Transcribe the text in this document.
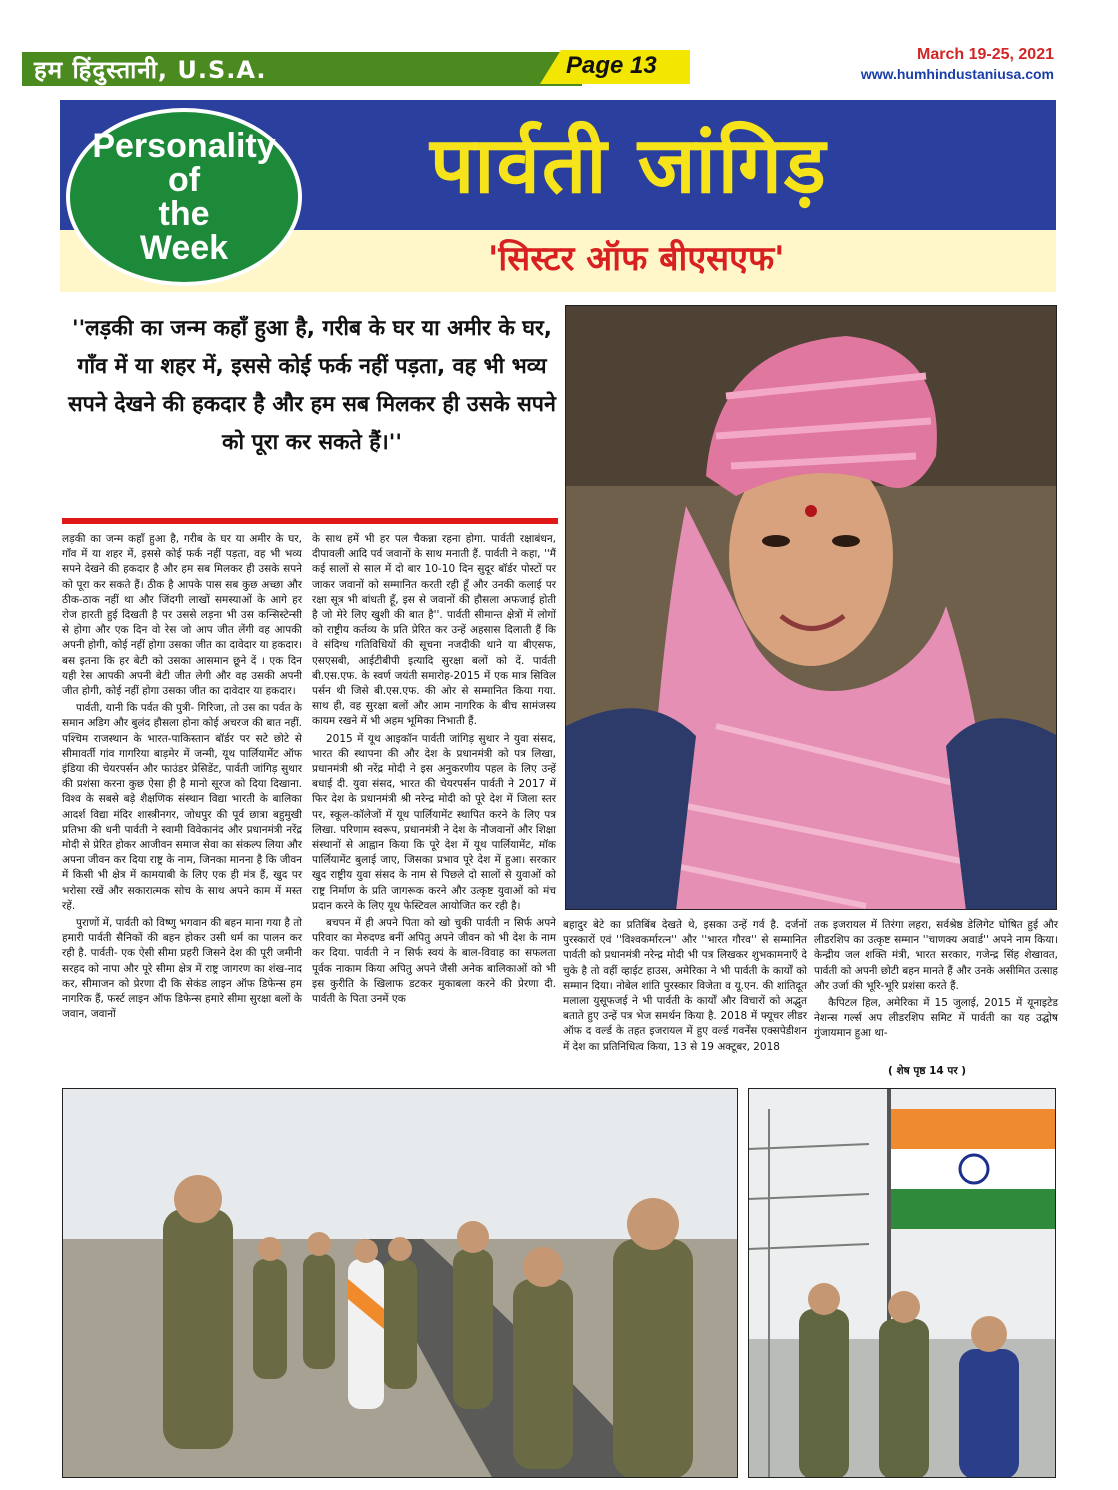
हम हिंदुस्तानी, U.S.A.	Page 13	March 19-25, 2021
www.humhindustaniusa.com
Personality
of
the
Week
पार्वती जांगिड़
'सिस्टर ऑफ बीएसएफ'
''लड़की का जन्म कहाँ हुआ है, गरीब के घर या अमीर के घर, गाँव में या शहर में, इससे कोई फर्क नहीं पड़ता, वह भी भव्य सपने देखने की हकदार है और हम सब मिलकर ही उसके सपने को पूरा कर सकते हैं।''

लड़की का जन्म कहाँ हुआ है, गरीब के घर या अमीर के घर, गाँव में या शहर में, इससे कोई फर्क नहीं पड़ता, वह भी भव्य सपने देखने की हकदार है और हम सब मिलकर ही उसके सपने को पूरा कर सकते हैं। ठीक है आपके पास सब कुछ अच्छा और ठीक-ठाक नहीं था और जिंदगी लाखों समस्याओं के आगे हर रोज हारती हुई दिखती है पर उससे लड़ना भी उस कन्सिस्टेन्सी से होगा और एक दिन वो रेस जो आप जीत लेंगी वह आपकी अपनी होगी, कोई नहीं होगा उसका जीत का दावेदार या हकदार। बस इतना कि हर बेटी को उसका आसमान छूने दें । एक दिन यही रेस आपकी अपनी बेटी जीत लेगी और वह उसकी अपनी जीत होगी, कोई नहीं होगा उसका जीत का दावेदार या हकदार।

पार्वती, यानी कि पर्वत की पुत्री- गिरिजा, तो उस का पर्वत के समान अडिग और बुलंद हौसला होना कोई अचरज की बात नहीं. पश्चिम राजस्थान के भारत-पाकिस्तान बॉर्डर पर सटे छोटे से सीमावर्ती गांव गागरिया बाड़मेर में जन्मी, यूथ पार्लियामेंट ऑफ इंडिया की चेयरपर्सन और फाउंडर प्रेसिडेंट, पार्वती जांगिड़ सुथार की प्रशंसा करना कुछ ऐसा ही है मानो सूरज को दिया दिखाना. विश्व के सबसे बड़े शैक्षणिक संस्थान विद्या भारती के बालिका आदर्श विद्या मंदिर शास्त्रीनगर, जोधपुर की पूर्व छात्रा बहुमुखी प्रतिभा की धनी पार्वती ने स्वामी विवेकानंद और प्रधानमंत्री नरेंद्र मोदी से प्रेरित होकर आजीवन समाज सेवा का संकल्प लिया और अपना जीवन कर दिया राष्ट्र के नाम, जिनका मानना है कि जीवन में किसी भी क्षेत्र में कामयाबी के लिए एक ही मंत्र हैं, खुद पर भरोसा रखें और सकारात्मक सोच के साथ अपने काम में मस्त रहें.

पुराणों में, पार्वती को विष्णु भगवान की बहन माना गया है तो हमारी पार्वती सैनिकों की बहन होकर उसी धर्म का पालन कर रही है. पार्वती- एक ऐसी सीमा प्रहरी जिसने देश की पूरी जमीनी सरहद को नापा और पूरे सीमा क्षेत्र में राष्ट्र जागरण का शंख-नाद कर, सीमाजन को प्रेरणा दी कि सेकंड लाइन ऑफ डिफेन्स हम नागरिक हैं, फर्स्ट लाइन ऑफ डिफेन्स हमारे सीमा सुरक्षा बलों के जवान, जवानों

के साथ हमें भी हर पल चैकन्ना रहना होगा. पार्वती रक्षाबंधन, दीपावली आदि पर्व जवानों के साथ मनाती हैं. पार्वती ने कहा, ''मैं कई सालों से साल में दो बार 10-10 दिन सुदूर बॉर्डर पोस्टों पर जाकर जवानों को सम्मानित करती रही हूँ और उनकी कलाई पर रक्षा सूत्र भी बांधती हूँ, इस से जवानों की हौसला अफजाई होती है जो मेरे लिए खुशी की बात है''. पार्वती सीमान्त क्षेत्रों में लोगों को राष्ट्रीय कर्तव्य के प्रति प्रेरित कर उन्हें अहसास दिलाती हैं कि वे संदिग्ध गतिविधियों की सूचना नजदीकी थाने या बीएसफ, एसएसबी, आईटीबीपी इत्यादि सुरक्षा बलों को दें. पार्वती बी.एस.एफ. के स्वर्ण जयंती समारोह-2015 में एक मात्र सिविल पर्सन थी जिसे बी.एस.एफ. की ओर से सम्मानित किया गया. साथ ही, वह सुरक्षा बलों और आम नागरिक के बीच सामंजस्य कायम रखने में भी अहम भूमिका निभाती हैं.

2015 में यूथ आइकॉन पार्वती जांगिड़ सुथार ने युवा संसद, भारत की स्थापना की और देश के प्रधानमंत्री को पत्र लिखा, प्रधानमंत्री श्री नरेंद्र मोदी ने इस अनुकरणीय पहल के लिए उन्हें बधाई दी. युवा संसद, भारत की चेयरपर्सन पार्वती ने 2017 में फिर देश के प्रधानमंत्री श्री नरेन्द्र मोदी को पूरे देश में जिला स्तर पर, स्कूल-कॉलेजों में यूथ पार्लियामेंट स्थापित करने के लिए पत्र लिखा. परिणाम स्वरूप, प्रधानमंत्री ने देश के नौजवानों और शिक्षा संस्थानों से आह्वान किया कि पूरे देश में यूथ पार्लियामेंट, मॉक पार्लियामेंट बुलाई जाए, जिसका प्रभाव पूरे देश में हुआ। सरकार खुद राष्ट्रीय युवा संसद के नाम से पिछले दो सालों से युवाओं को राष्ट्र निर्माण के प्रति जागरूक करने और उत्कृष्ट युवाओं को मंच प्रदान करने के लिए यूथ फेस्टिवल आयोजित कर रही है।

बचपन में ही अपने पिता को खो चुकी पार्वती न सिर्फ अपने परिवार का मेरुदण्ड बनीं अपितु अपने जीवन को भी देश के नाम कर दिया. पार्वती ने न सिर्फ स्वयं के बाल-विवाह का सफलता पूर्वक नाकाम किया अपितु अपने जैसी अनेक बालिकाओं को भी इस कुरीति के खिलाफ डटकर मुकाबला करने की प्रेरणा दी. पार्वती के पिता उनमें एक

बहादुर बेटे का प्रतिबिंब देखते थे, इसका उन्हें गर्व है. दर्जनों पुरस्कारों एवं ''विश्वकर्मारत्न'' और ''भारत गौरव'' से सम्मानित पार्वती को प्रधानमंत्री नरेन्द्र मोदी भी पत्र लिखकर शुभकामनाएँ दे चुके है तो वहीं व्हाईट हाउस, अमेरिका ने भी पार्वती के कार्यों को सम्मान दिया। नोबेल शांति पुरस्कार विजेता व यू.एन. की शांतिदूत मलाला युसूफजई ने भी पार्वती के कार्यों और विचारों को अद्भुत बताते हुए उन्हें पत्र भेज समर्थन किया है. 2018 में फ्यूचर लीडर ऑफ द वर्ल्ड के तहत इजरायल में हुए वर्ल्ड गवर्नेंस एक्सपेडीशन में देश का प्रतिनिधित्व किया, 13 से 19 अक्टूबर, 2018

तक इजरायल में तिरंगा लहरा, सर्वश्रेष्ठ डेलिगेट घोषित हुई और लीडरशिप का उत्कृष्ट सम्मान ''चाणक्य अवार्ड'' अपने नाम किया। केन्द्रीय जल शक्ति मंत्री, भारत सरकार, गजेन्द्र सिंह शेखावत, पार्वती को अपनी छोटी बहन मानते हैं और उनके असीमित उत्साह और उर्जा की भूरि-भूरि प्रशंसा करते हैं.

कैपिटल हिल, अमेरिका में 15 जुलाई, 2015 में यूनाइटेड नेशन्स गर्ल्स अप लीडरशिप समिट में पार्वती का यह उद्घोष गुंजायमान हुआ था-

( शेष पृष्ठ 14 पर )
